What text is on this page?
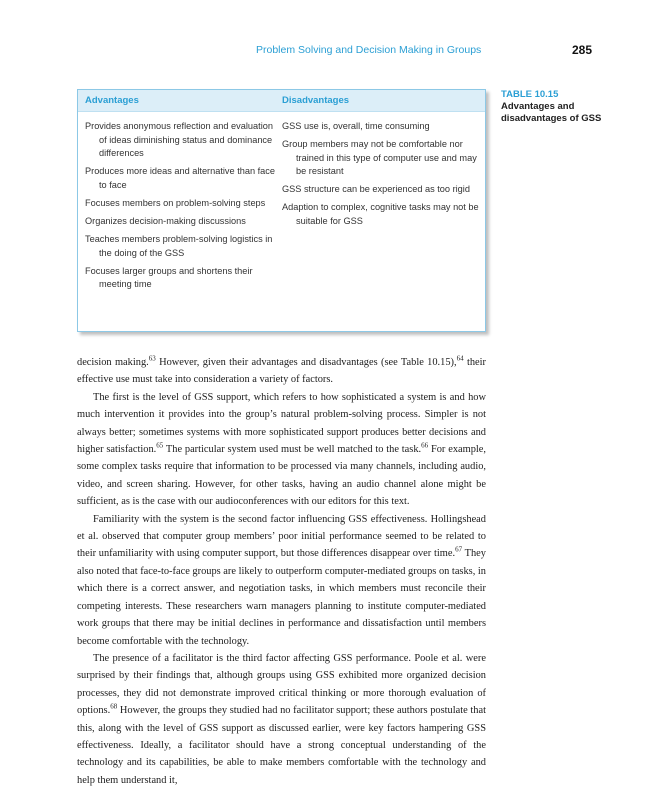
Problem Solving and Decision Making in Groups	285
Advantages	Disadvantages
Provides anonymous reflection and evaluation of ideas diminishing status and dominance differences
Produces more ideas and alternative than face to face
Focuses members on problem-solving steps
Organizes decision-making discussions
Teaches members problem-solving logistics in the doing of the GSS
Focuses larger groups and shortens their meeting time
GSS use is, overall, time consuming
Group members may not be comfortable nor trained in this type of computer use and may be resistant
GSS structure can be experienced as too rigid
Adaption to complex, cognitive tasks may not be suitable for GSS
TABLE 10.15
Advantages and disadvantages of GSS

decision making.$^{63}$ However, given their advantages and disadvantages (see Table 10.15),$^{64}$ their effective use must take into consideration a variety of factors.

The first is the level of GSS support, which refers to how sophisticated a system is and how much intervention it provides into the group’s natural problem-solving process. Simpler is not always better; sometimes systems with more sophisticated support produces better decisions and higher satisfaction.$^{65}$ The particular system used must be well matched to the task.$^{66}$ For example, some complex tasks require that information to be processed via many channels, including audio, video, and screen sharing. However, for other tasks, having an audio channel alone might be sufficient, as is the case with our audioconferences with our editors for this text.

Familiarity with the system is the second factor influencing GSS effectiveness. Hollingshead et al. observed that computer group members’ poor initial performance seemed to be related to their unfamiliarity with using computer support, but those differences disappear over time.$^{67}$ They also noted that face-to-face groups are likely to outperform computer-mediated groups on tasks, in which there is a correct answer, and negotiation tasks, in which members must reconcile their competing interests. These researchers warn managers planning to institute computer-mediated work groups that there may be initial declines in performance and dissatisfaction until members become comfortable with the technology.

The presence of a facilitator is the third factor affecting GSS performance. Poole et al. were surprised by their findings that, although groups using GSS exhibited more organized decision processes, they did not demonstrate improved critical thinking or more thorough evaluation of options.$^{68}$ However, the groups they studied had no facilitator support; these authors postulate that this, along with the level of GSS support as discussed earlier, were key factors hampering GSS effectiveness. Ideally, a facilitator should have a strong conceptual understanding of the technology and its capabilities, be able to make members comfortable with the technology and help them understand it,
